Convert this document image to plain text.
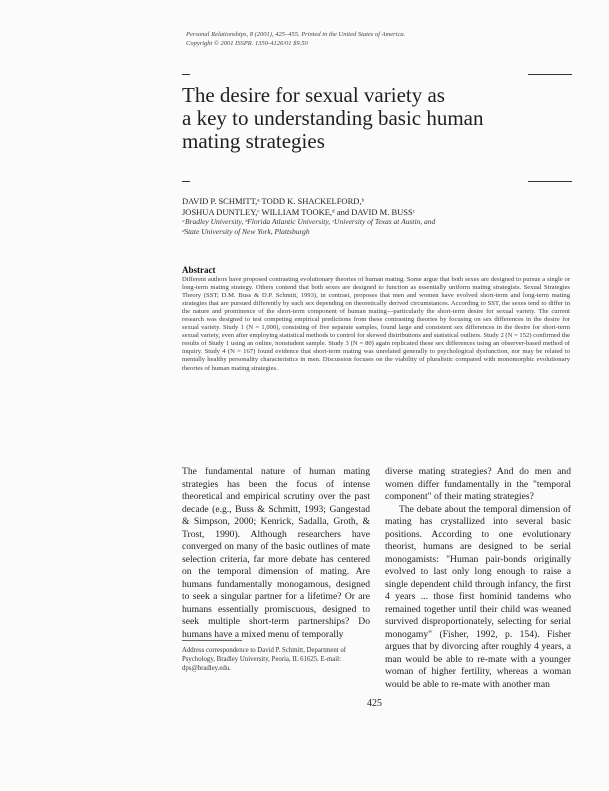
Personal Relationships, 8 (2001), 425–455. Printed in the United States of America.
Copyright © 2001 ISSPR. 1350-4126/01 $9.50
The desire for sexual variety as
a key to understanding basic human
mating strategies
DAVID P. SCHMITT,ᵃ TODD K. SHACKELFORD,ᵇ
JOSHUA DUNTLEY,ᶜ WILLIAM TOOKE,ᵈ and DAVID M. BUSSᶜ
ᵃBradley University, ᵇFlorida Atlantic University, ᶜUniversity of Texas at Austin, and
ᵈState University of New York, Plattsburgh
Abstract
Different authors have proposed contrasting evolutionary theories of human mating. Some argue that both sexes are designed to pursue a single or long-term mating strategy. Others contend that both sexes are designed to function as essentially uniform mating strategists. Sexual Strategies Theory (SST; D.M. Buss & D.P. Schmitt, 1993), in contrast, proposes that men and women have evolved short-term and long-term mating strategies that are pursued differently by each sex depending on theoretically derived circumstances. According to SST, the sexes tend to differ in the nature and prominence of the short-term component of human mating—particularly the short-term desire for sexual variety. The current research was designed to test competing empirical predictions from these contrasting theories by focusing on sex differences in the desire for sexual variety. Study 1 (N = 1,000), consisting of five separate samples, found large and consistent sex differences in the desire for short-term sexual variety, even after employing statistical methods to control for skewed distributions and statistical outliers. Study 2 (N = 152) confirmed the results of Study 1 using an online, nonstudent sample. Study 3 (N = 80) again replicated these sex differences using an observer-based method of inquiry. Study 4 (N = 167) found evidence that short-term mating was unrelated generally to psychological dysfunction, nor may be related to mentally healthy personality characteristics in men. Discussion focuses on the viability of pluralistic compared with monomorphic evolutionary theories of human mating strategies.

The fundamental nature of human mating strategies has been the focus of intense theoretical and empirical scrutiny over the past decade (e.g., Buss & Schmitt, 1993; Gangestad & Simpson, 2000; Kenrick, Sadalla, Groth, & Trost, 1990). Although researchers have converged on many of the basic outlines of mate selection criteria, far more debate has centered on the temporal dimension of mating. Are humans fundamentally monogamous, designed to seek a singular partner for a lifetime? Or are humans essentially promiscuous, designed to seek multiple short-term partnerships? Do humans have a mixed menu of temporally

Address correspondence to David P. Schmitt, Department of Psychology, Bradley University, Peoria, IL 61625. E-mail: dps@bradley.edu.

diverse mating strategies? And do men and women differ fundamentally in the "temporal component" of their mating strategies?

The debate about the temporal dimension of mating has crystallized into several basic positions. According to one evolutionary theorist, humans are designed to be serial monogamists: "Human pair-bonds originally evolved to last only long enough to raise a single dependent child through infancy, the first 4 years ... those first hominid tandems who remained together until their child was weaned survived disproportionately, selecting for serial monogamy" (Fisher, 1992, p. 154). Fisher argues that by divorcing after roughly 4 years, a man would be able to re-mate with a younger woman of higher fertility, whereas a woman would be able to re-mate with another man

425
